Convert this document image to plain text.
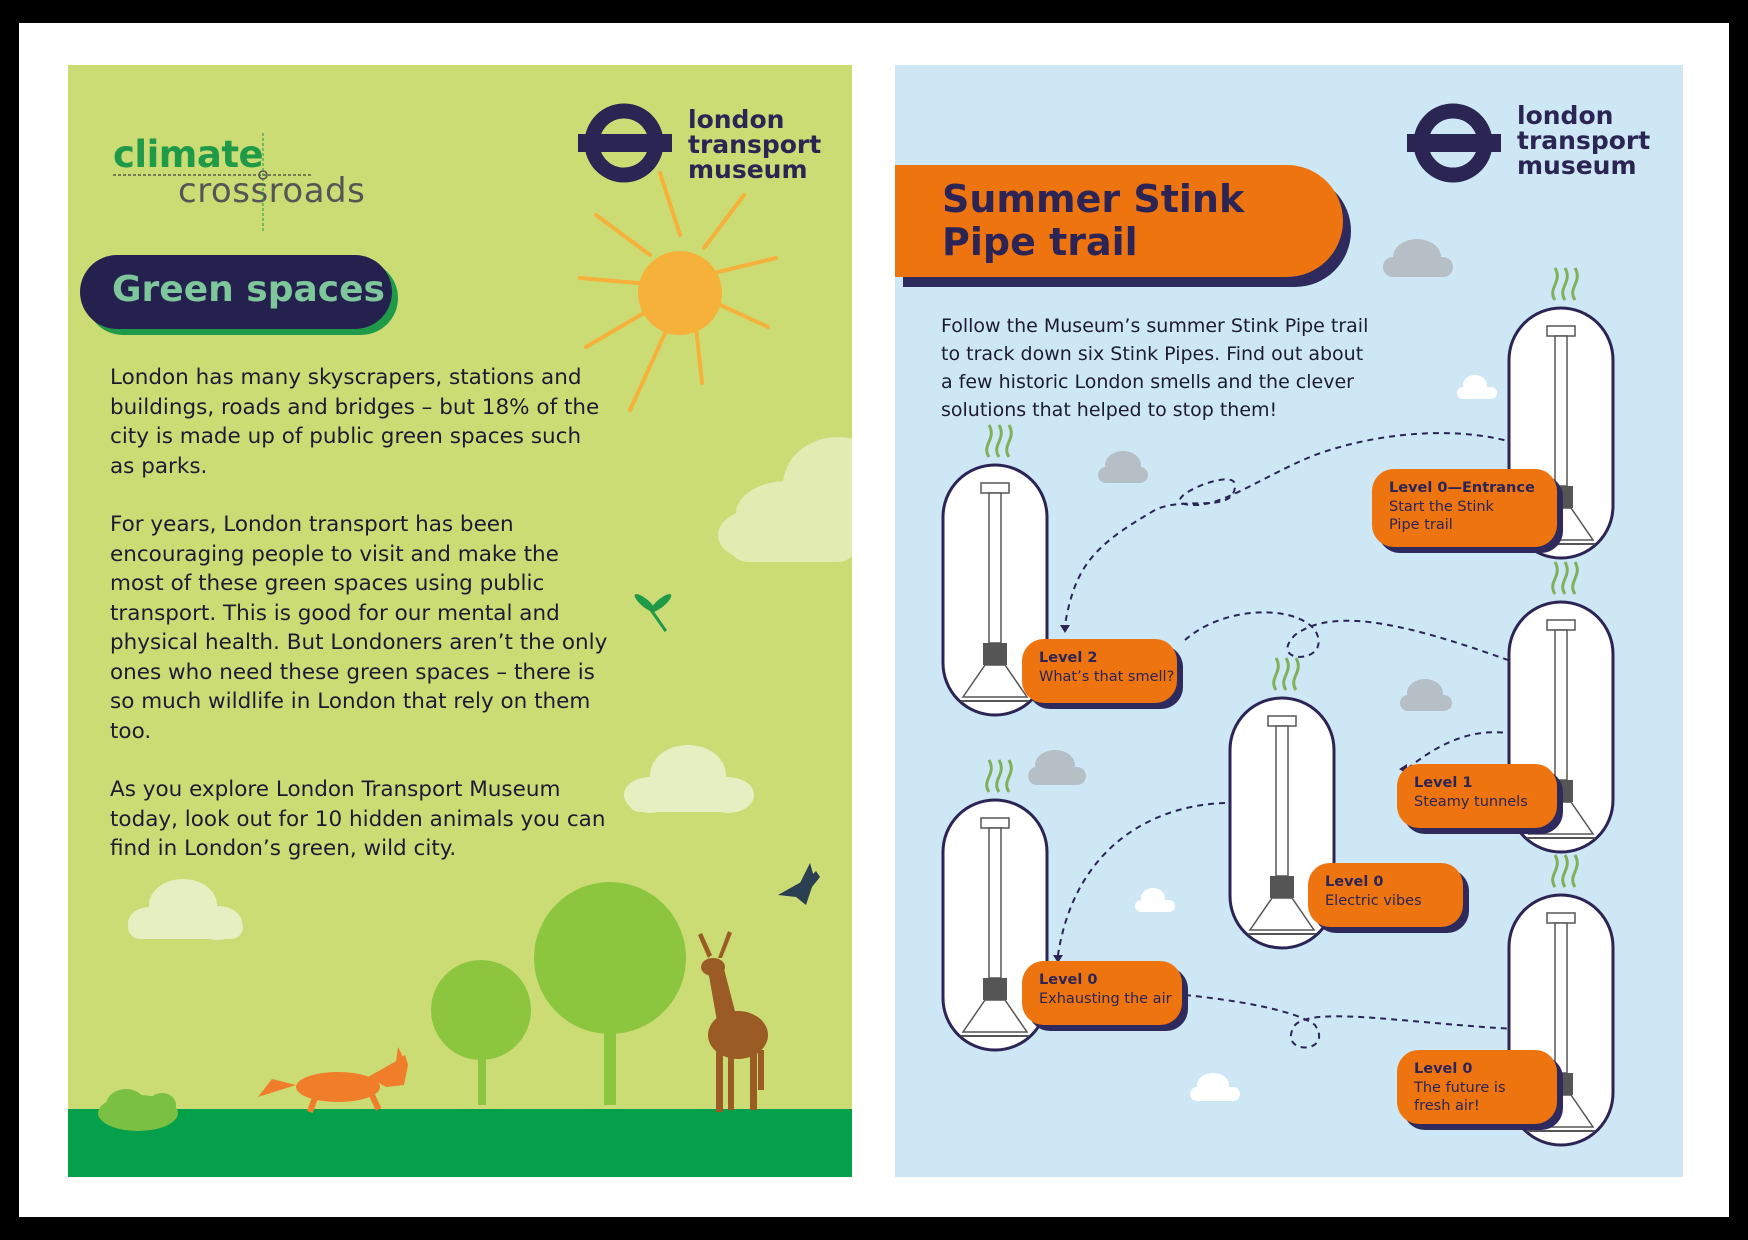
climate
crossroads
london
transport
museum
Green spaces

London has many skyscrapers, stations and buildings, roads and bridges – but 18% of the city is made up of public green spaces such as parks.

For years, London transport has been encouraging people to visit and make the most of these green spaces using public transport. This is good for our mental and physical health. But Londoners aren’t the only ones who need these green spaces – there is so much wildlife in London that rely on them too.

As you explore London Transport Museum today, look out for 10 hidden animals you can find in London’s green, wild city.

london
transport
museum
Summer Stink
Pipe trail
Follow the Museum’s summer Stink Pipe trail to track down six Stink Pipes. Find out about a few historic London smells and the clever solutions that helped to stop them!
Level 0—Entrance
Start the Stink Pipe trail
Level 2
What’s that smell?
Level 1
Steamy tunnels
Level 0
Electric vibes
Level 0
Exhausting the air
Level 0
The future is fresh air!
